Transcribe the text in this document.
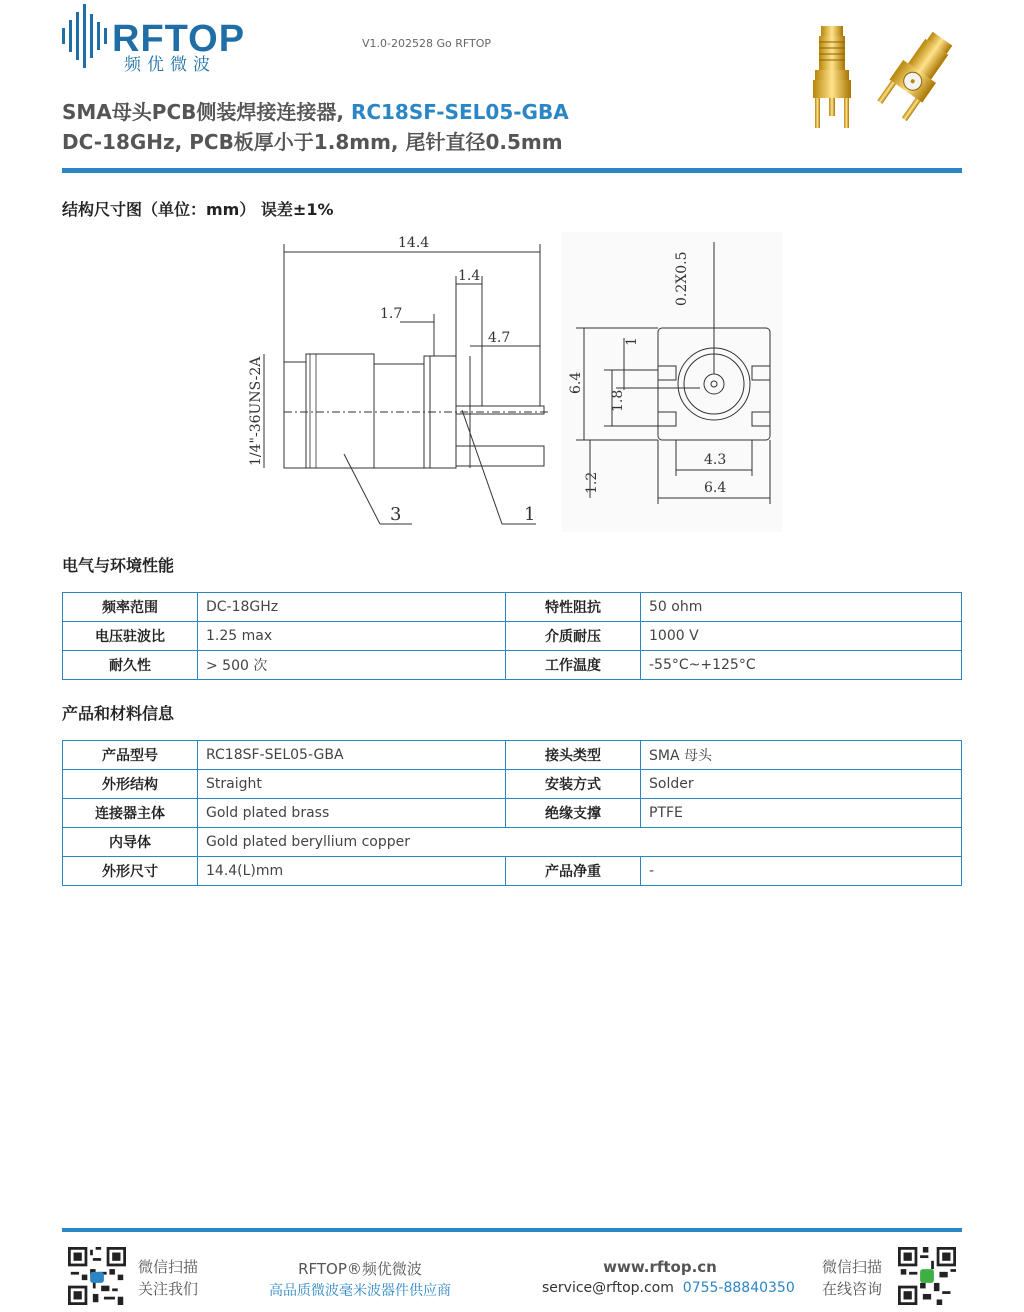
RFTOP
频优微波
V1.0-202528 Go RFTOP
SMA母头PCB侧装焊接连接器, RC18SF-SEL05-GBA
DC-18GHz, PCB板厚小于1.8mm, 尾针直径0.5mm
结构尺寸图（单位：mm） 误差±1%
14.4
1.4
1.7
4.7
1/4"-36UNS-2A
3	1
0.2X0.5
1
6.4
1.8
1.2
4.3
6.4
电气与环境性能
频率范围	DC-18GHz	特性阻抗	50 ohm
电压驻波比	1.25 max	介质耐压	1000 V
耐久性	> 500 次	工作温度	-55°C~+125°C
产品和材料信息
产品型号	RC18SF-SEL05-GBA	接头类型	SMA 母头
外形结构	Straight	安装方式	Solder
连接器主体	Gold plated brass	绝缘支撑	PTFE
内导体	Gold plated beryllium copper		
外形尺寸	14.4(L)mm	产品净重	-
微信扫描
关注我们
RFTOP®频优微波
高品质微波毫米波器件供应商
www.rftop.cn
service@rftop.com 0755-88840350
微信扫描
在线咨询
